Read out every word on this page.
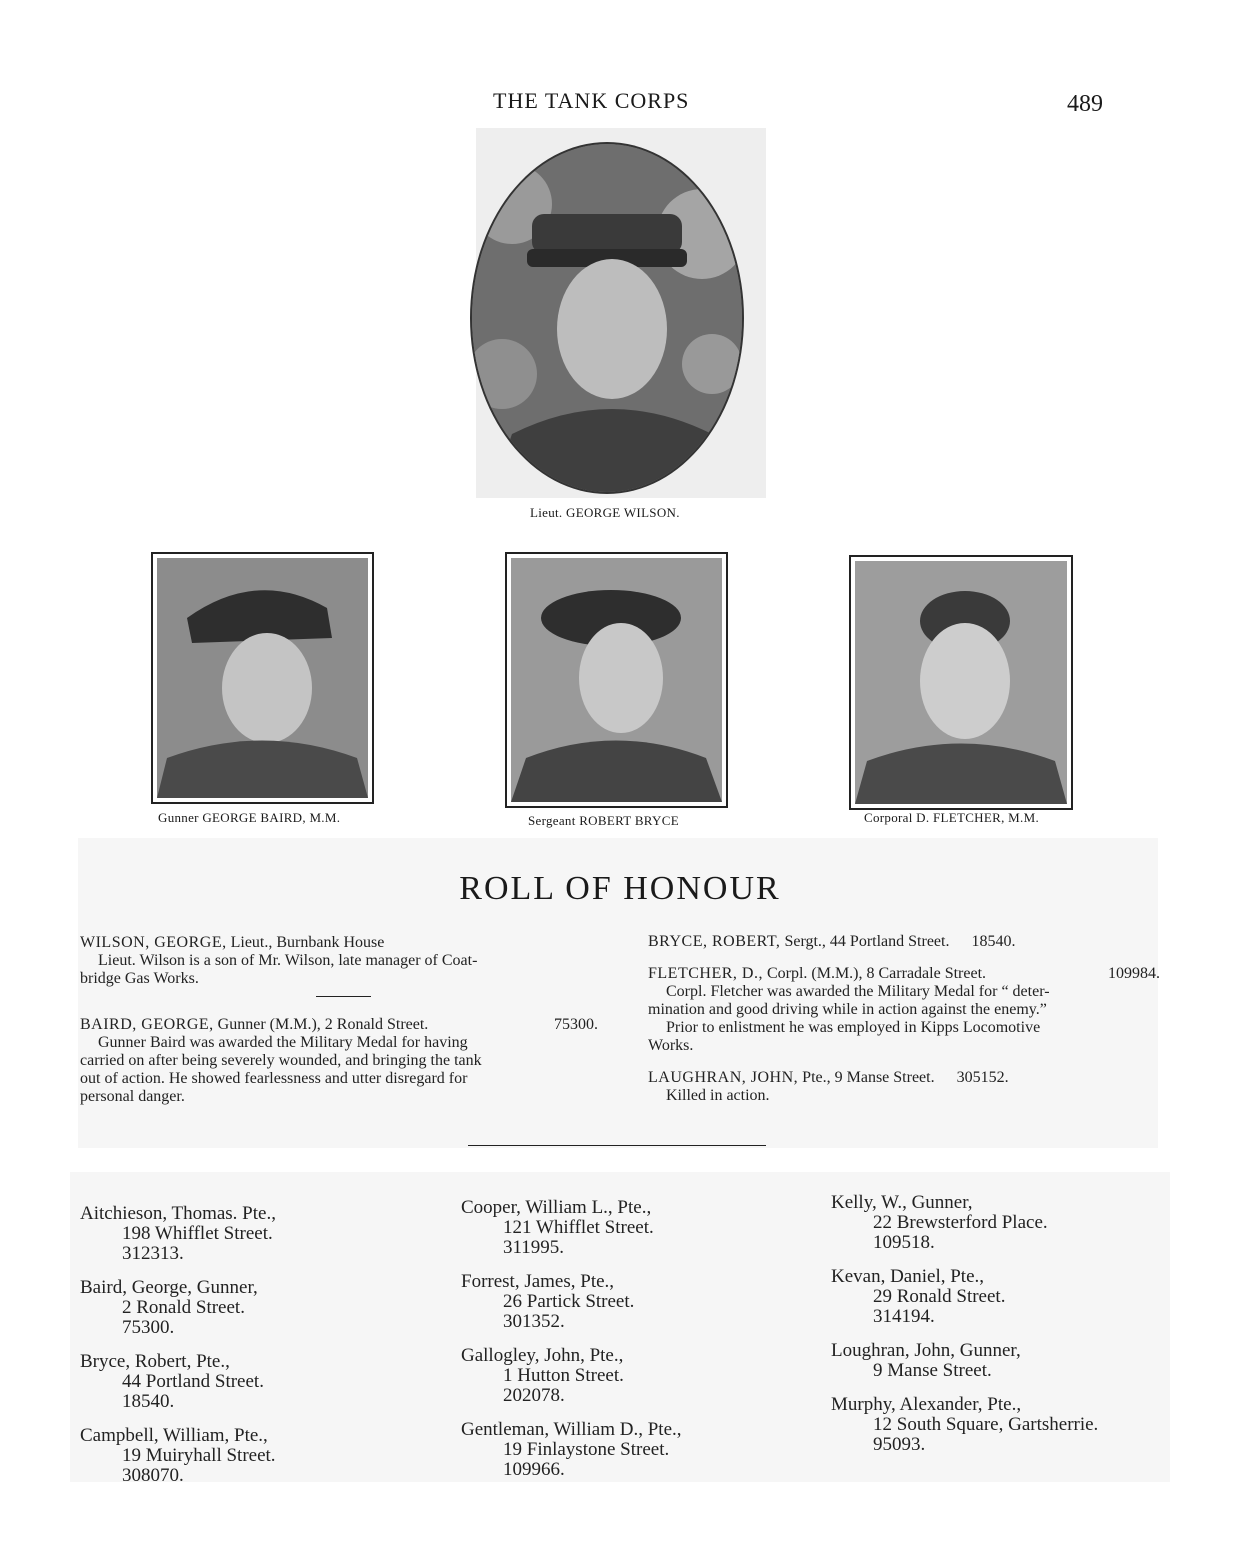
THE TANK CORPS	489
Lieut. GEORGE WILSON.
Gunner GEORGE BAIRD, M.M.	Sergeant ROBERT BRYCE	Corporal D. FLETCHER, M.M.
ROLL OF HONOUR
WILSON, GEORGE, Lieut., Burnbank House
Lieut. Wilson is a son of Mr. Wilson, late manager of Coat-
bridge Gas Works.
BAIRD, GEORGE, Gunner (M.M.), 2 Ronald Street.	75300.
Gunner Baird was awarded the Military Medal for having
carried on after being severely wounded, and bringing the tank
out of action. He showed fearlessness and utter disregard for
personal danger.
BRYCE, ROBERT, Sergt., 44 Portland Street. 18540.
FLETCHER, D., Corpl. (M.M.), 8 Carradale Street.	109984.
Corpl. Fletcher was awarded the Military Medal for “ deter-
mination and good driving while in action against the enemy.”
Prior to enlistment he was employed in Kipps Locomotive
Works.
LAUGHRAN, JOHN, Pte., 9 Manse Street. 305152.
Killed in action.
Aitchieson, Thomas. Pte.,
198 Whifflet Street.
312313.
Baird, George, Gunner,
2 Ronald Street.
75300.
Bryce, Robert, Pte.,
44 Portland Street.
18540.
Campbell, William, Pte.,
19 Muiryhall Street.
308070.
Cooper, William L., Pte.,
121 Whifflet Street.
311995.
Forrest, James, Pte.,
26 Partick Street.
301352.
Gallogley, John, Pte.,
1 Hutton Street.
202078.
Gentleman, William D., Pte.,
19 Finlaystone Street.
109966.
Kelly, W., Gunner,
22 Brewsterford Place.
109518.
Kevan, Daniel, Pte.,
29 Ronald Street.
314194.
Loughran, John, Gunner,
9 Manse Street.
Murphy, Alexander, Pte.,
12 South Square, Gartsherrie.
95093.
